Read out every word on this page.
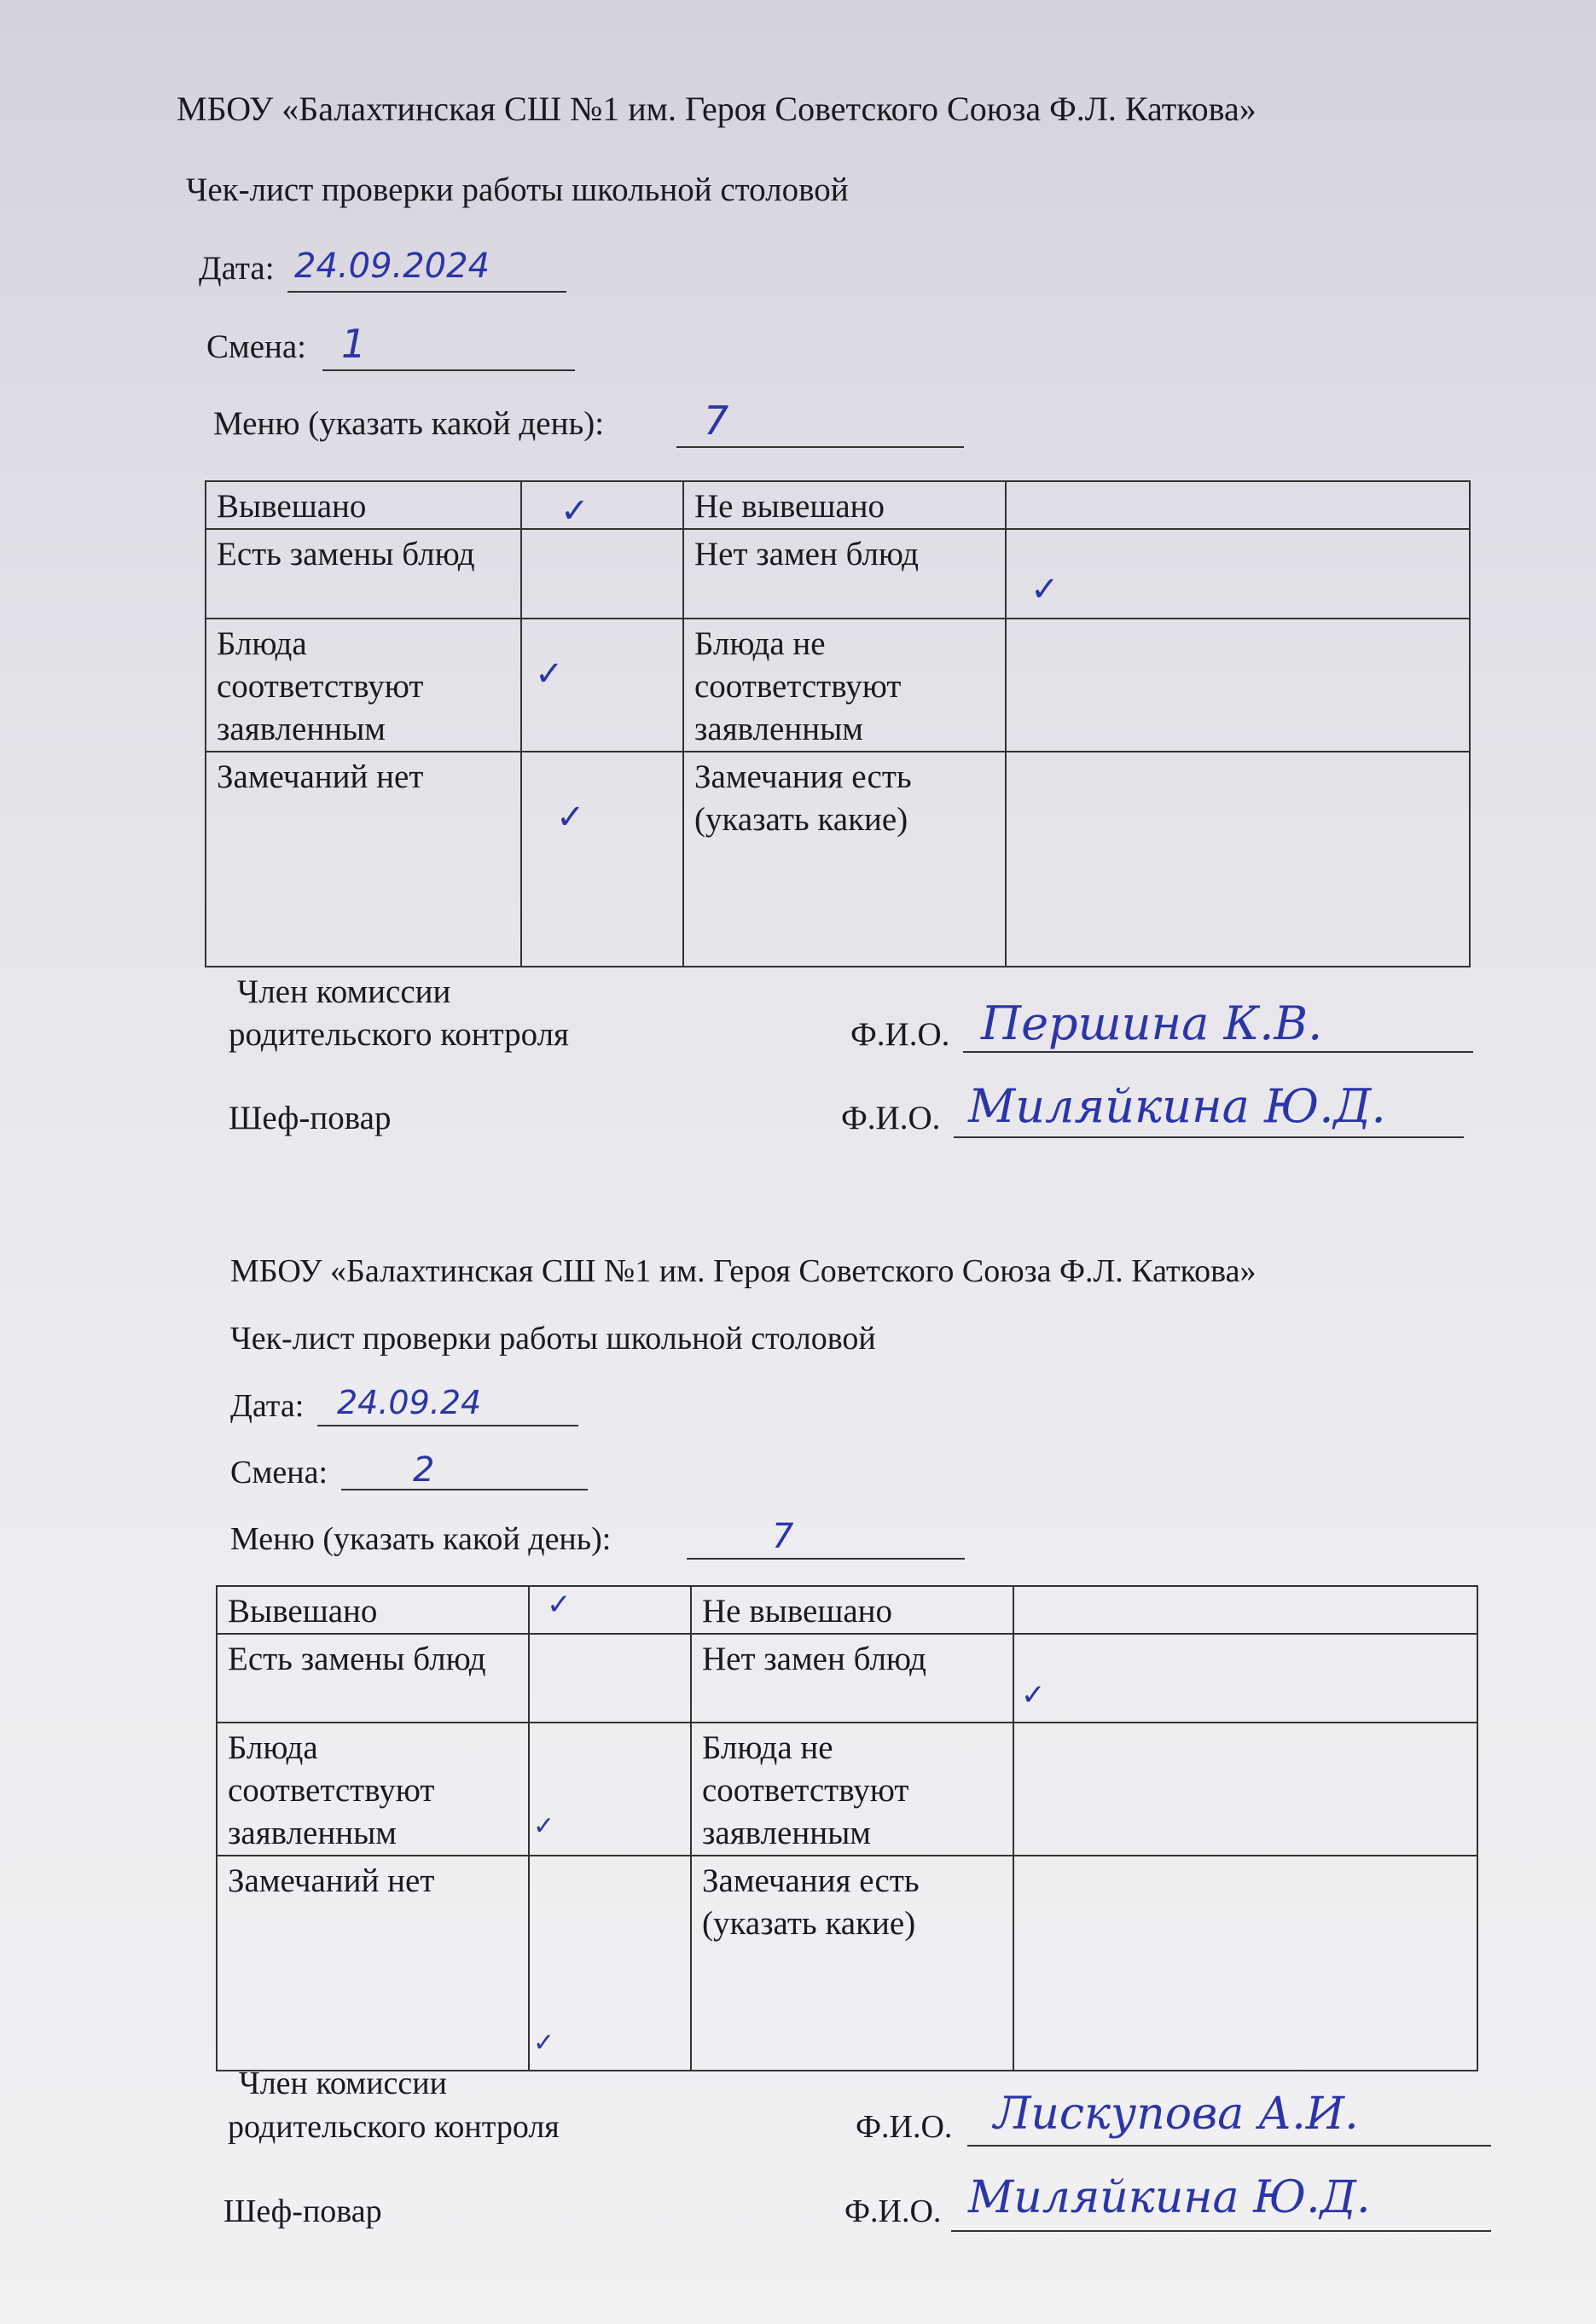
МБОУ «Балахтинская СШ №1 им. Героя Советского Союза Ф.Л. Каткова»
Чек-лист проверки работы школьной столовой
Дата: 24.09.2024
Смена: 1
Меню (указать какой день):	7
Вывешано	✓	Не вывешано	
Есть замены блюд		Нет замен блюд	✓

Блюда соответствуют заявленным	✓	Блюда не соответствуют заявленным	
Замечаний нет	✓	Замечания есть (указать какие)	
Член комиссии
родительского контроля	Ф.И.О. Першина К.В.
Шеф-повар	Ф.И.О. Миляйкина Ю.Д.
МБОУ «Балахтинская СШ №1 им. Героя Советского Союза Ф.Л. Каткова»
Чек-лист проверки работы школьной столовой
Дата: 24.09.24
Смена: 2
Меню (указать какой день):	7
Вывешано	✓	Не вывешано	
Есть замены блюд		Нет замен блюд	✓

Блюда соответствуют заявленным	✓	Блюда не соответствуют заявленным	
Замечаний нет	✓	Замечания есть (указать какие)	
Член комиссии
родительского контроля	Ф.И.О. Лискупова А.И.
Шеф-повар	Ф.И.О. Миляйкина Ю.Д.
